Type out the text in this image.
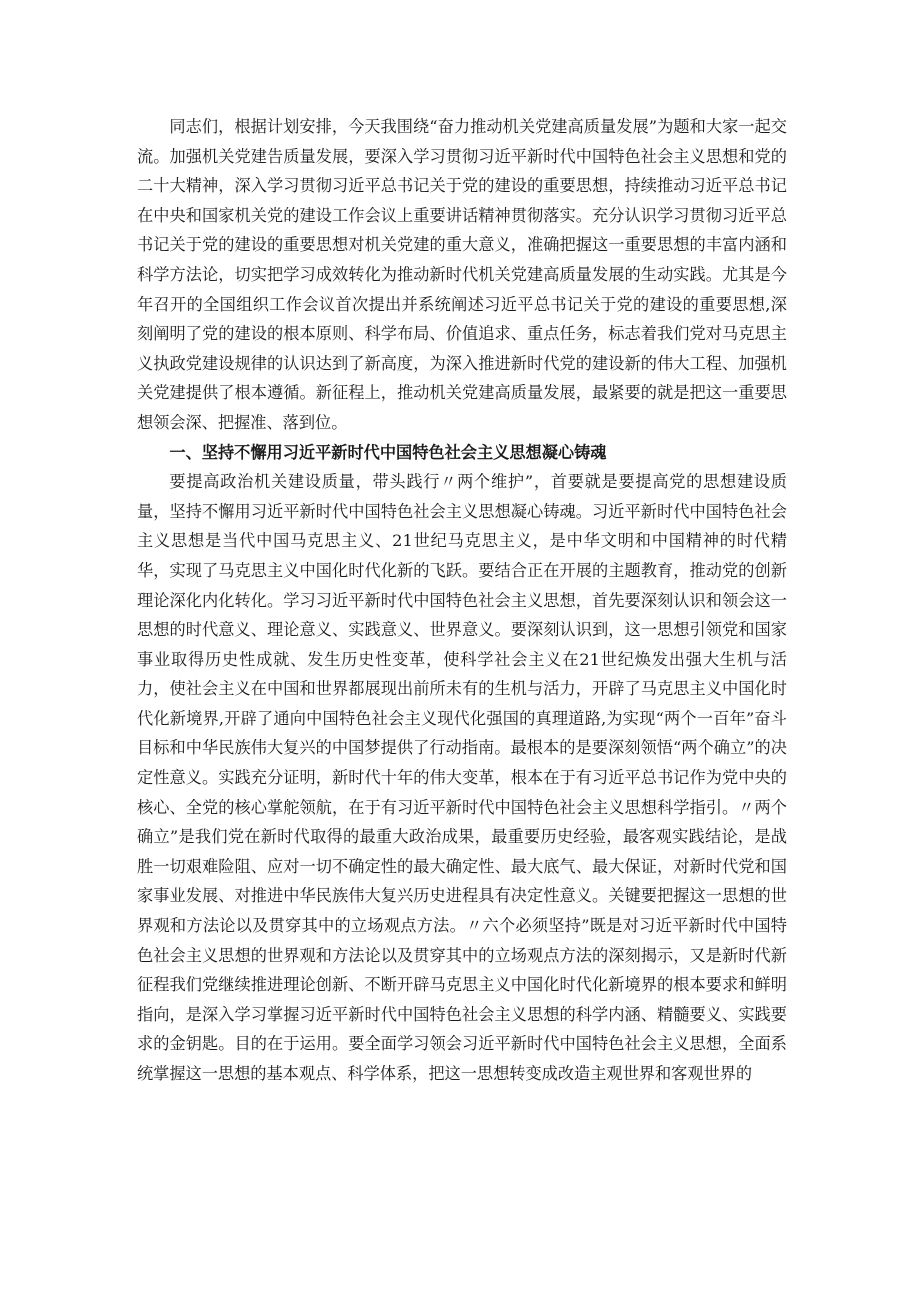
同志们，根据计划安排，今天我围绕“奋力推动机关党建高质量发展”为题和大家一起交流。加强机关党建告质量发展，要深入学习贯彻习近平新时代中国特色社会主义思想和党的二十大精神，深入学习贯彻习近平总书记关于党的建设的重要思想，持续推动习近平总书记在中央和国家机关党的建设工作会议上重要讲话精神贯彻落实。充分认识学习贯彻习近平总书记关于党的建设的重要思想对机关党建的重大意义，准确把握这一重要思想的丰富内涵和科学方法论，切实把学习成效转化为推动新时代机关党建高质量发展的生动实践。尤其是今年召开的全国组织工作会议首次提出并系统阐述习近平总书记关于党的建设的重要思想,深刻阐明了党的建设的根本原则、科学布局、价值追求、重点任务，标志着我们党对马克思主义执政党建设规律的认识达到了新高度，为深入推进新时代党的建设新的伟大工程、加强机关党建提供了根本遵循。新征程上，推动机关党建高质量发展，最紧要的就是把这一重要思想领会深、把握准、落到位。

一、坚持不懈用习近平新时代中国特色社会主义思想凝心铸魂

要提高政治机关建设质量，带头践行〃两个维护”，首要就是要提高党的思想建设质量，坚持不懈用习近平新时代中国特色社会主义思想凝心铸魂。习近平新时代中国特色社会主义思想是当代中国马克思主义、21世纪马克思主义，是中华文明和中国精神的时代精华，实现了马克思主义中国化时代化新的飞跃。要结合正在开展的主题教育，推动党的创新理论深化内化转化。学习习近平新时代中国特色社会主义思想，首先要深刻认识和领会这一思想的时代意义、理论意义、实践意义、世界意义。要深刻认识到，这一思想引领党和国家事业取得历史性成就、发生历史性变革，使科学社会主义在21世纪焕发出强大生机与活力，使社会主义在中国和世界都展现出前所未有的生机与活力，开辟了马克思主义中国化时代化新境界,开辟了通向中国特色社会主义现代化强国的真理道路,为实现“两个一百年”奋斗目标和中华民族伟大复兴的中国梦提供了行动指南。最根本的是要深刻领悟“两个确立”的决定性意义。实践充分证明，新时代十年的伟大变革，根本在于有习近平总书记作为党中央的核心、全党的核心掌舵领航，在于有习近平新时代中国特色社会主义思想科学指引。〃两个确立”是我们党在新时代取得的最重大政治成果，最重要历史经验，最客观实践结论，是战胜一切艰难险阻、应对一切不确定性的最大确定性、最大底气、最大保证，对新时代党和国家事业发展、对推进中华民族伟大复兴历史进程具有决定性意义。关键要把握这一思想的世界观和方法论以及贯穿其中的立场观点方法。〃六个必须坚持”既是对习近平新时代中国特色社会主义思想的世界观和方法论以及贯穿其中的立场观点方法的深刻揭示，又是新时代新征程我们党继续推进理论创新、不断开辟马克思主义中国化时代化新境界的根本要求和鲜明指向，是深入学习掌握习近平新时代中国特色社会主义思想的科学内涵、精髓要义、实践要求的金钥匙。目的在于运用。要全面学习领会习近平新时代中国特色社会主义思想，全面系统掌握这一思想的基本观点、科学体系，把这一思想转变成改造主观世界和客观世界的
